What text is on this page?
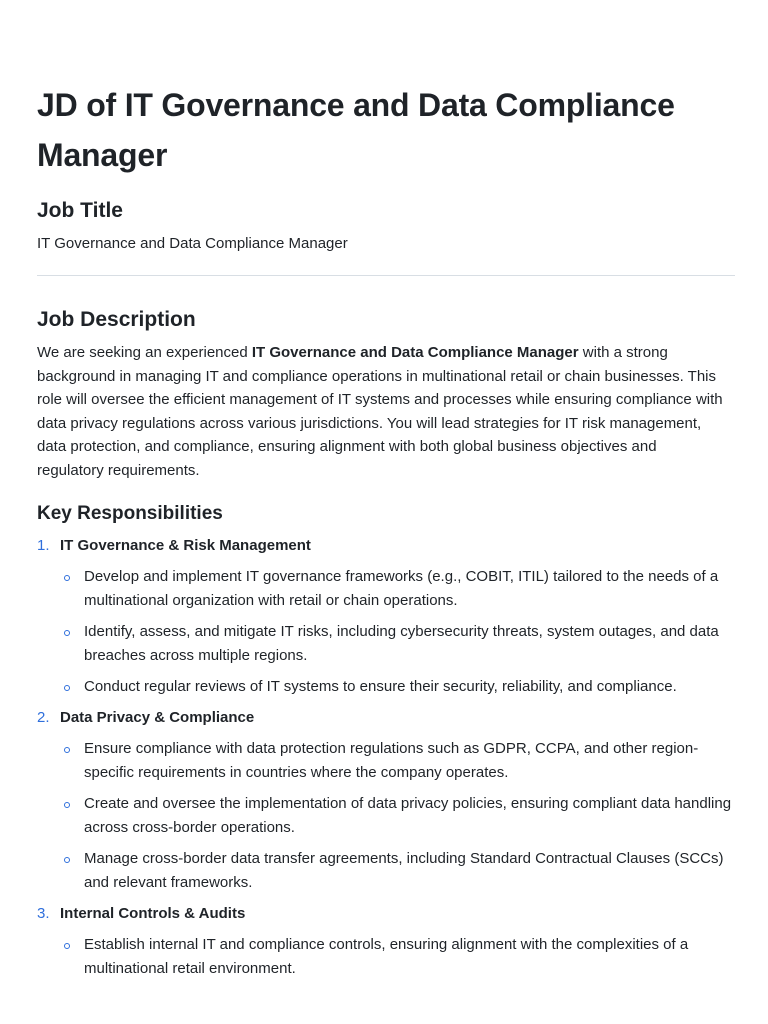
JD of IT Governance and Data Compliance Manager
Job Title
IT Governance and Data Compliance Manager
Job Description
We are seeking an experienced IT Governance and Data Compliance Manager with a strong background in managing IT and compliance operations in multinational retail or chain businesses. This role will oversee the efficient management of IT systems and processes while ensuring compliance with data privacy regulations across various jurisdictions. You will lead strategies for IT risk management, data protection, and compliance, ensuring alignment with both global business objectives and regulatory requirements.
Key Responsibilities
1. IT Governance & Risk Management
Develop and implement IT governance frameworks (e.g., COBIT, ITIL) tailored to the needs of a multinational organization with retail or chain operations.
Identify, assess, and mitigate IT risks, including cybersecurity threats, system outages, and data breaches across multiple regions.
Conduct regular reviews of IT systems to ensure their security, reliability, and compliance.
2. Data Privacy & Compliance
Ensure compliance with data protection regulations such as GDPR, CCPA, and other region-specific requirements in countries where the company operates.
Create and oversee the implementation of data privacy policies, ensuring compliant data handling across cross-border operations.
Manage cross-border data transfer agreements, including Standard Contractual Clauses (SCCs) and relevant frameworks.
3. Internal Controls & Audits
Establish internal IT and compliance controls, ensuring alignment with the complexities of a multinational retail environment.
